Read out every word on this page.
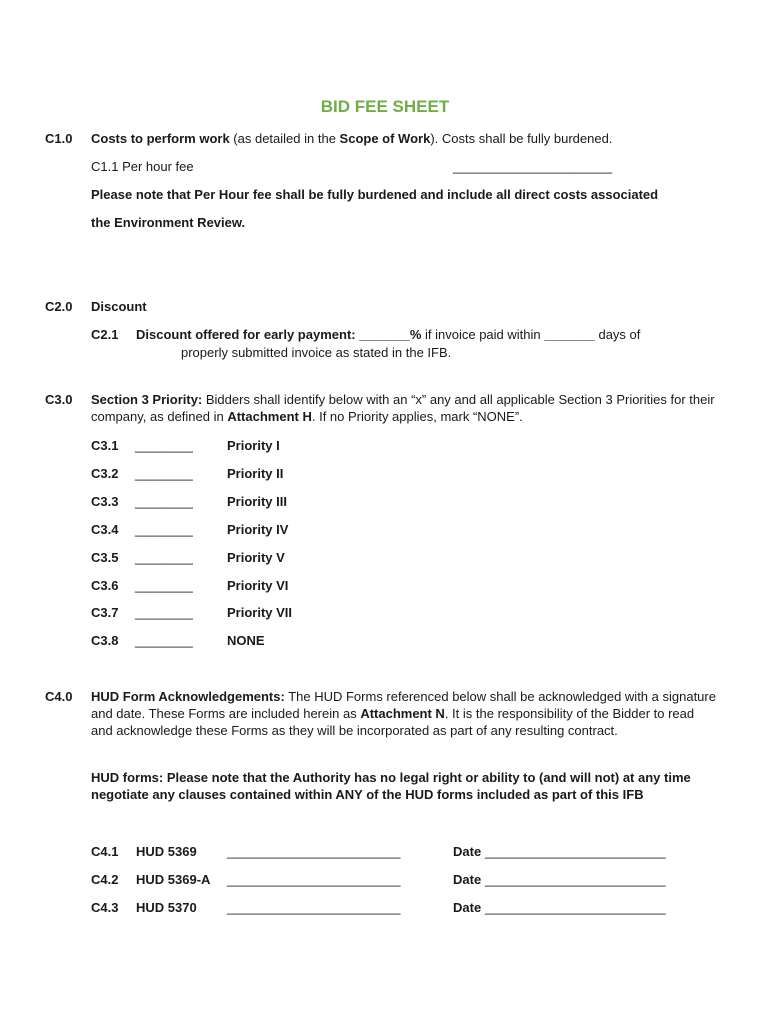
BID FEE SHEET
C1.0 Costs to perform work (as detailed in the Scope of Work). Costs shall be fully burdened.
C1.1 Per hour fee	______________________
Please note that Per Hour fee shall be fully burdened and include all direct costs associated
the Environment Review.
C2.0 Discount
C2.1 Discount offered for early payment: _______% if invoice paid within _______ days of
properly submitted invoice as stated in the IFB.
C3.0 Section 3 Priority: Bidders shall identify below with an “x” any and all applicable Section 3 Priorities for their company, as defined in Attachment H. If no Priority applies, mark “NONE”.
C3.1 ________	Priority I
C3.2 ________	Priority II
C3.3 ________	Priority III
C3.4 ________	Priority IV
C3.5 ________	Priority V
C3.6 ________	Priority VI
C3.7 ________	Priority VII
C3.8 ________	NONE
C4.0 HUD Form Acknowledgements: The HUD Forms referenced below shall be acknowledged with a signature and date. These Forms are included herein as Attachment N. It is the responsibility of the Bidder to read and acknowledge these Forms as they will be incorporated as part of any resulting contract.
HUD forms: Please note that the Authority has no legal right or ability to (and will not) at any time negotiate any clauses contained within ANY of the HUD forms included as part of this IFB
C4.1 HUD 5369 ________________________	Date _________________________
C4.2 HUD 5369-A ________________________	Date _________________________
C4.3 HUD 5370 ________________________	Date _________________________
